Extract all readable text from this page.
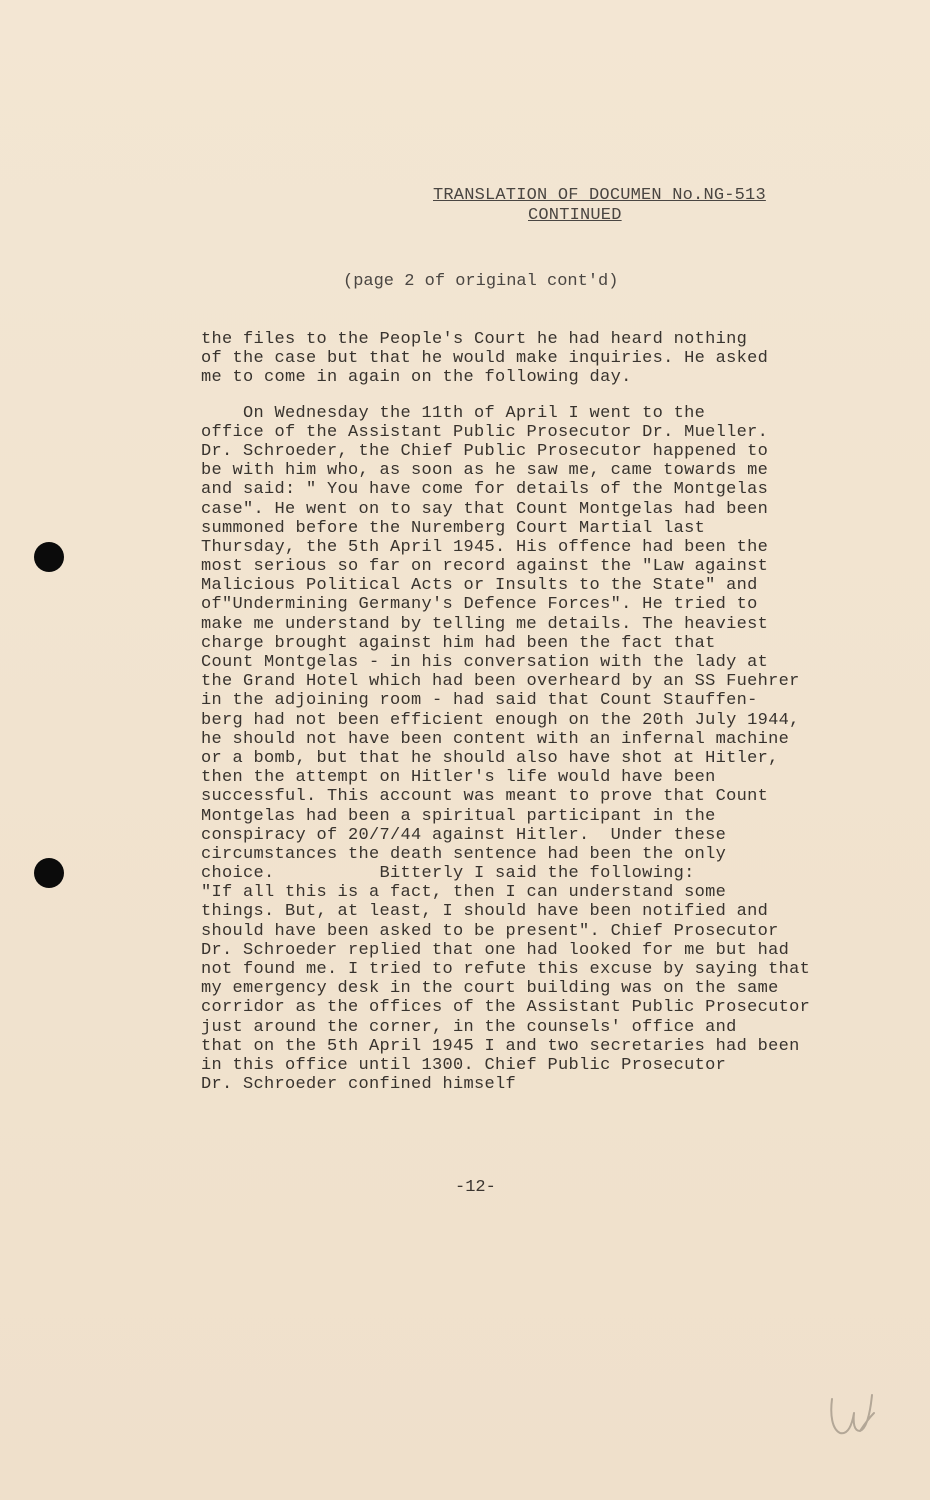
TRANSLATION OF DOCUMEN No.NG-513
CONTINUED
(page 2 of original cont'd)
the files to the People's Court he had heard nothing
of the case but that he would make inquiries. He asked
me to come in again on the following day.
On Wednesday the 11th of April I went to the
office of the Assistant Public Prosecutor Dr. Mueller.
Dr. Schroeder, the Chief Public Prosecutor happened to
be with him who, as soon as he saw me, came towards me
and said: " You have come for details of the Montgelas
case". He went on to say that Count Montgelas had been
summoned before the Nuremberg Court Martial last
Thursday, the 5th April 1945. His offence had been the
most serious so far on record against the "Law against
Malicious Political Acts or Insults to the State" and
of"Undermining Germany's Defence Forces". He tried to
make me understand by telling me details. The heaviest
charge brought against him had been the fact that
Count Montgelas - in his conversation with the lady at
the Grand Hotel which had been overheard by an SS Fuehrer
in the adjoining room - had said that Count Stauffen-
berg had not been efficient enough on the 20th July 1944,
he should not have been content with an infernal machine
or a bomb, but that he should also have shot at Hitler,
then the attempt on Hitler's life would have been
successful. This account was meant to prove that Count
Montgelas had been a spiritual participant in the
conspiracy of 20/7/44 against Hitler.  Under these
circumstances the death sentence had been the only
choice.          Bitterly I said the following:
"If all this is a fact, then I can understand some
things. But, at least, I should have been notified and
should have been asked to be present". Chief Prosecutor
Dr. Schroeder replied that one had looked for me but had
not found me. I tried to refute this excuse by saying that
my emergency desk in the court building was on the same
corridor as the offices of the Assistant Public Prosecutor
just around the corner, in the counsels' office and
that on the 5th April 1945 I and two secretaries had been
in this office until 1300. Chief Public Prosecutor
Dr. Schroeder confined himself
-12-
